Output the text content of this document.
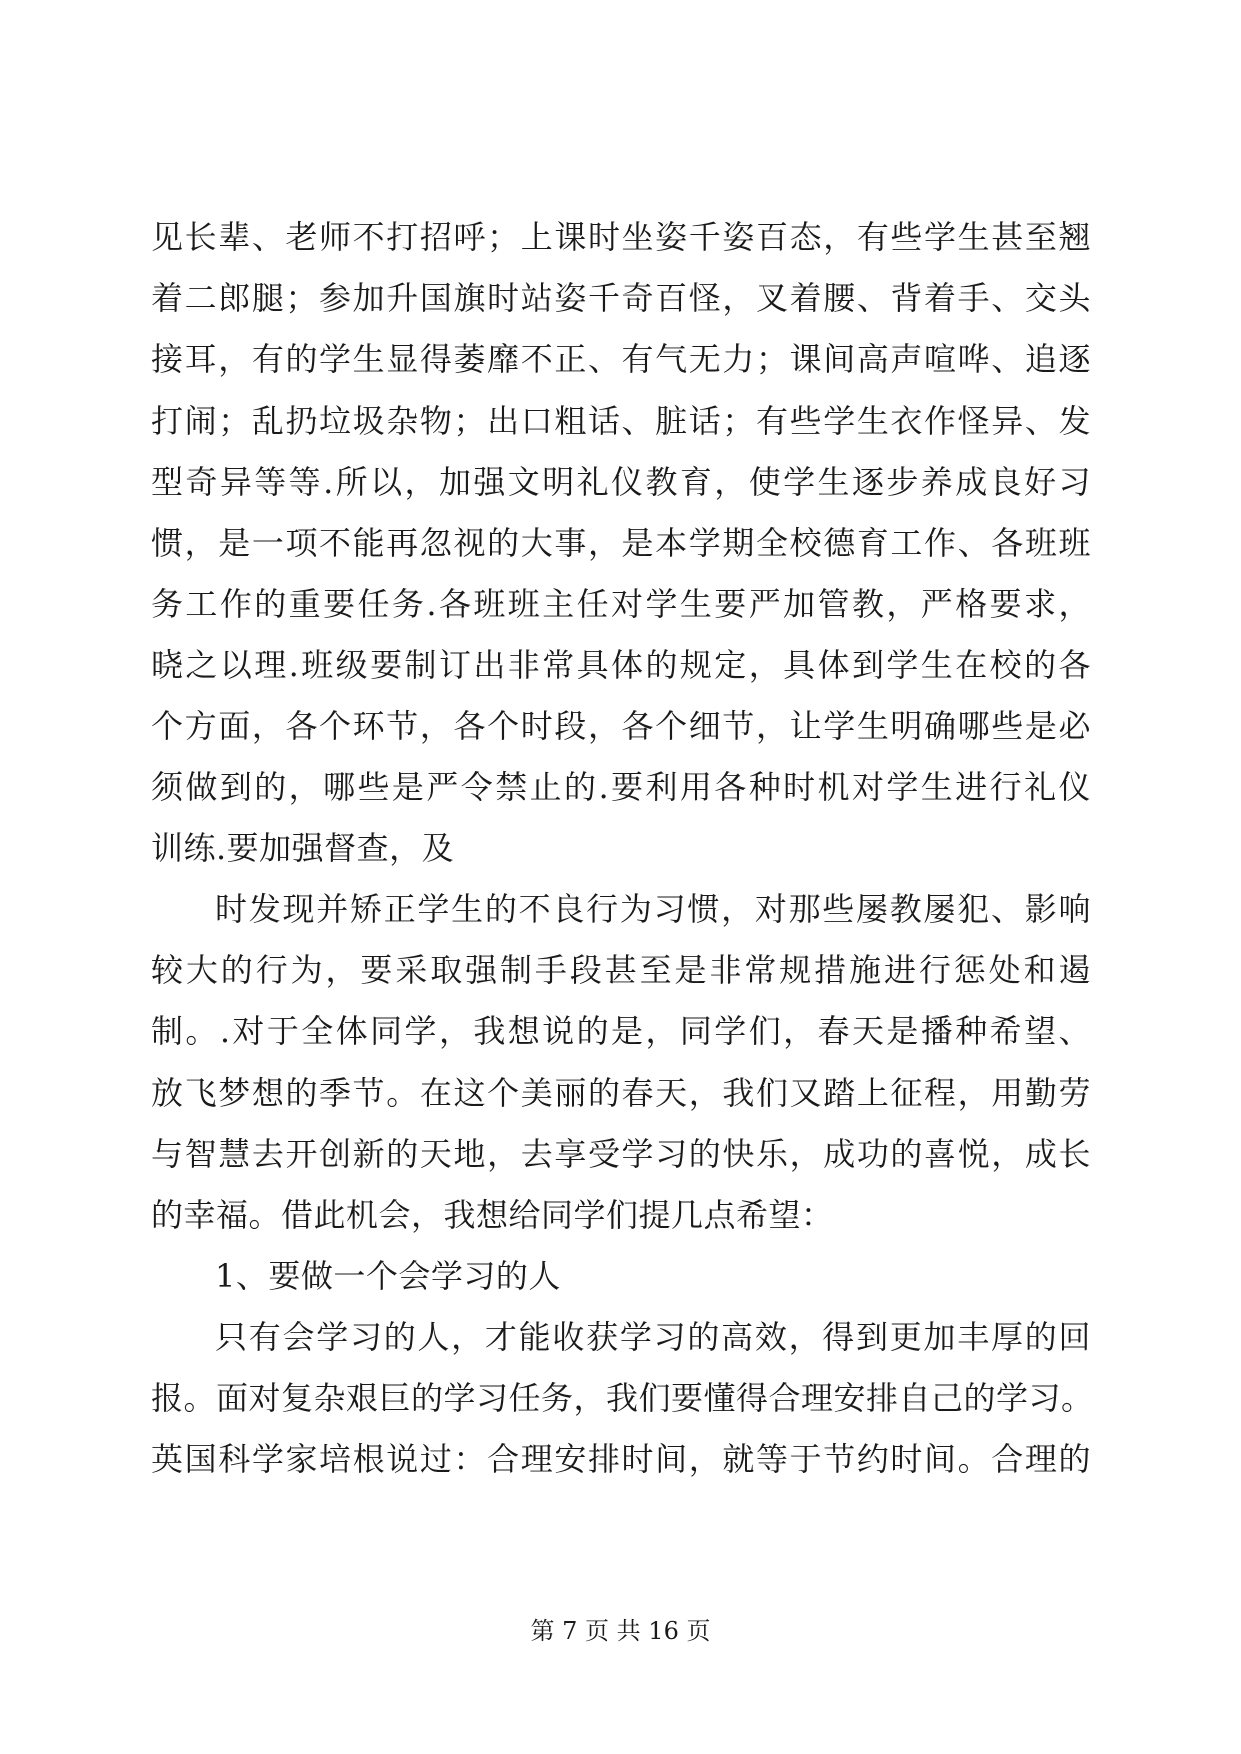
见长辈、老师不打招呼；上课时坐姿千姿百态，有些学生甚至翘
着二郎腿；参加升国旗时站姿千奇百怪，叉着腰、背着手、交头
接耳，有的学生显得萎靡不正、有气无力；课间高声喧哗、追逐
打闹；乱扔垃圾杂物；出口粗话、脏话；有些学生衣作怪异、发
型奇异等等.所以，加强文明礼仪教育，使学生逐步养成良好习
惯，是一项不能再忽视的大事，是本学期全校德育工作、各班班
务工作的重要任务.各班班主任对学生要严加管教，严格要求，
晓之以理.班级要制订出非常具体的规定，具体到学生在校的各
个方面，各个环节，各个时段，各个细节，让学生明确哪些是必
须做到的，哪些是严令禁止的.要利用各种时机对学生进行礼仪
训练.要加强督查，及
时发现并矫正学生的不良行为习惯，对那些屡教屡犯、影响
较大的行为，要采取强制手段甚至是非常规措施进行惩处和遏
制。.对于全体同学，我想说的是，同学们，春天是播种希望、
放飞梦想的季节。在这个美丽的春天，我们又踏上征程，用勤劳
与智慧去开创新的天地，去享受学习的快乐，成功的喜悦，成长
的幸福。借此机会，我想给同学们提几点希望：
1、要做一个会学习的人
只有会学习的人，才能收获学习的高效，得到更加丰厚的回
报。面对复杂艰巨的学习任务，我们要懂得合理安排自己的学习。
英国科学家培根说过：合理安排时间，就等于节约时间。合理的
第 7 页 共 16 页
